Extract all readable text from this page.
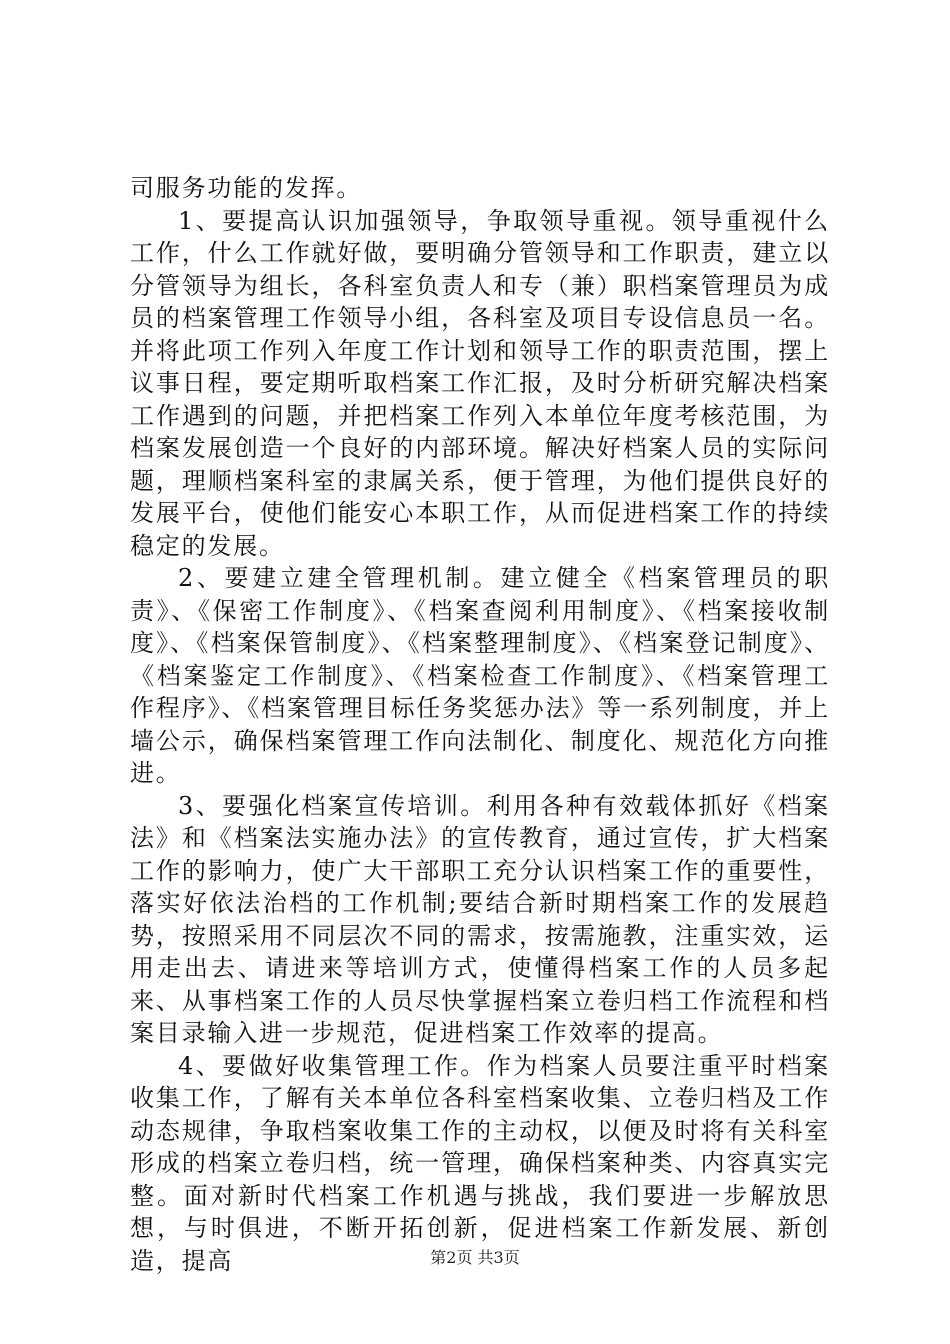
司服务功能的发挥。

1、要提高认识加强领导，争取领导重视。领导重视什么工作，什么工作就好做，要明确分管领导和工作职责，建立以分管领导为组长，各科室负责人和专（兼）职档案管理员为成员的档案管理工作领导小组，各科室及项目专设信息员一名。并将此项工作列入年度工作计划和领导工作的职责范围，摆上议事日程，要定期听取档案工作汇报，及时分析研究解决档案工作遇到的问题，并把档案工作列入本单位年度考核范围，为档案发展创造一个良好的内部环境。解决好档案人员的实际问题，理顺档案科室的隶属关系，便于管理，为他们提供良好的发展平台，使他们能安心本职工作，从而促进档案工作的持续稳定的发展。

2、要建立建全管理机制。建立健全《档案管理员的职责》、《保密工作制度》、《档案查阅利用制度》、《档案接收制度》、《档案保管制度》、《档案整理制度》、《档案登记制度》、《档案鉴定工作制度》、《档案检查工作制度》、《档案管理工作程序》、《档案管理目标任务奖惩办法》等一系列制度，并上墙公示，确保档案管理工作向法制化、制度化、规范化方向推进。

3、要强化档案宣传培训。利用各种有效载体抓好《档案法》和《档案法实施办法》的宣传教育，通过宣传，扩大档案工作的影响力，使广大干部职工充分认识档案工作的重要性，落实好依法治档的工作机制;要结合新时期档案工作的发展趋势，按照采用不同层次不同的需求，按需施教，注重实效，运用走出去、请进来等培训方式，使懂得档案工作的人员多起来、从事档案工作的人员尽快掌握档案立卷归档工作流程和档案目录输入进一步规范，促进档案工作效率的提高。

4、要做好收集管理工作。作为档案人员要注重平时档案收集工作，了解有关本单位各科室档案收集、立卷归档及工作动态规律，争取档案收集工作的主动权，以便及时将有关科室形成的档案立卷归档，统一管理，确保档案种类、内容真实完整。面对新时代档案工作机遇与挑战，我们要进一步解放思想，与时俱进，不断开拓创新，促进档案工作新发展、新创造，提高	第2页 共3页
